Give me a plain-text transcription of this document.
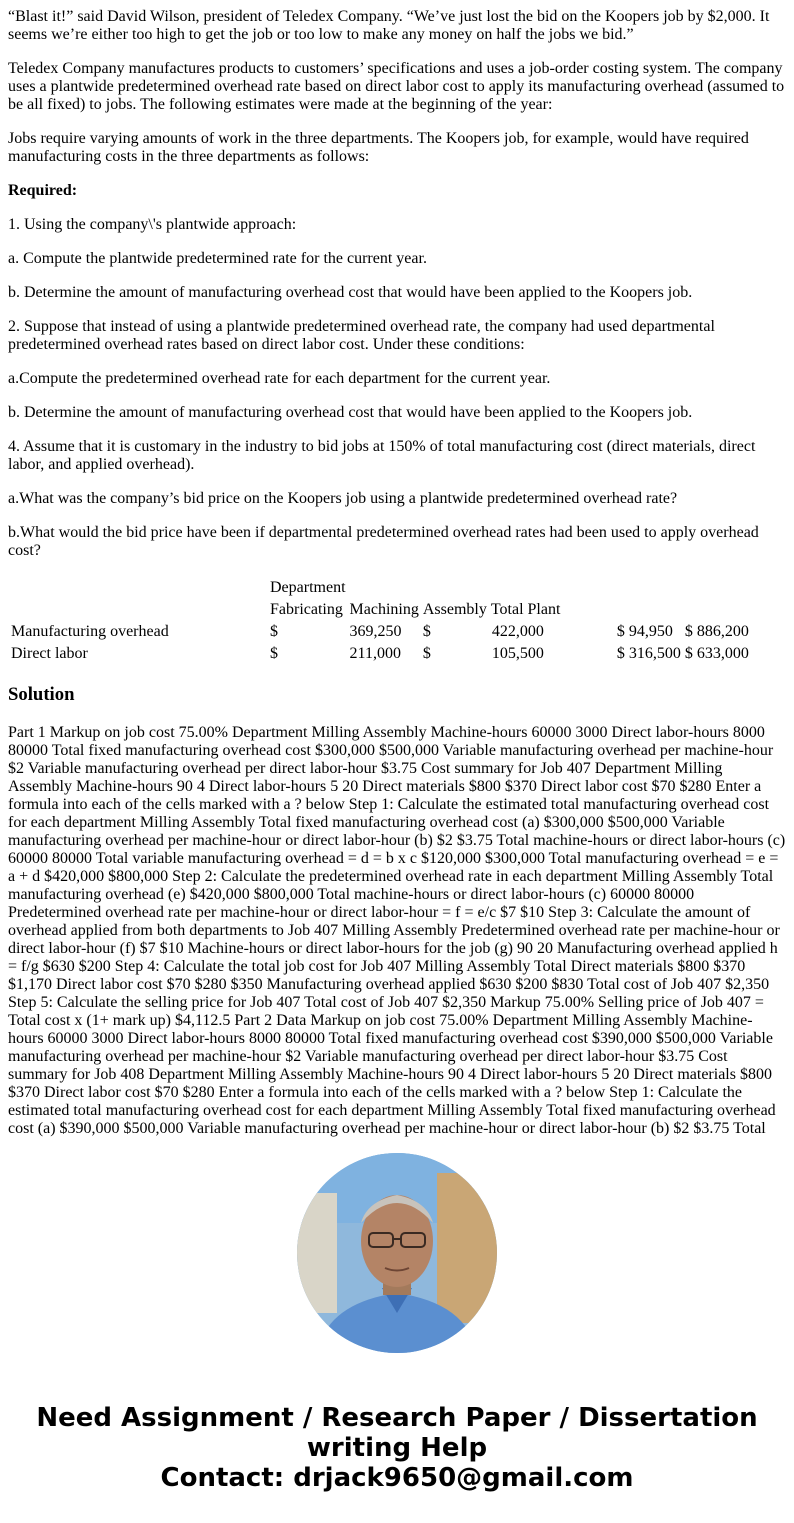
“Blast it!” said David Wilson, president of Teledex Company. “We’ve just lost the bid on the Koopers job by $2,000. It seems we’re either too high to get the job or too low to make any money on half the jobs we bid.”

Teledex Company manufactures products to customers’ specifications and uses a job-order costing system. The company uses a plantwide predetermined overhead rate based on direct labor cost to apply its manufacturing overhead (assumed to be all fixed) to jobs. The following estimates were made at the beginning of the year:

Jobs require varying amounts of work in the three departments. The Koopers job, for example, would have required manufacturing costs in the three departments as follows:

Required:

1. Using the company\'s plantwide approach:

a. Compute the plantwide predetermined rate for the current year.

b. Determine the amount of manufacturing overhead cost that would have been applied to the Koopers job.

2. Suppose that instead of using a plantwide predetermined overhead rate, the company had used departmental predetermined overhead rates based on direct labor cost. Under these conditions:

a.Compute the predetermined overhead rate for each department for the current year.

b. Determine the amount of manufacturing overhead cost that would have been applied to the Koopers job.

4. Assume that it is customary in the industry to bid jobs at 150% of total manufacturing cost (direct materials, direct labor, and applied overhead).

a.What was the company’s bid price on the Koopers job using a plantwide predetermined overhead rate?

b.What would the bid price have been if departmental predetermined overhead rates had been used to apply overhead cost?

	Department							
	Fabricating	Machining	Assembly	Total Plant				
Manufacturing overhead	$	369,250	$	422,000	$	94,950	$	886,200
Direct labor	$	211,000	$	105,500	$	316,500	$	633,000
Solution

Part 1 Markup on job cost 75.00% Department Milling Assembly Machine-hours 60000 3000 Direct labor-hours 8000 80000 Total fixed manufacturing overhead cost $300,000 $500,000 Variable manufacturing overhead per machine-hour $2 Variable manufacturing overhead per direct labor-hour $3.75 Cost summary for Job 407 Department Milling Assembly Machine-hours 90 4 Direct labor-hours 5 20 Direct materials $800 $370 Direct labor cost $70 $280 Enter a formula into each of the cells marked with a ? below Step 1: Calculate the estimated total manufacturing overhead cost for each department Milling Assembly Total fixed manufacturing overhead cost (a) $300,000 $500,000 Variable manufacturing overhead per machine-hour or direct labor-hour (b) $2 $3.75 Total machine-hours or direct labor-hours (c) 60000 80000 Total variable manufacturing overhead = d = b x c $120,000 $300,000 Total manufacturing overhead = e = a + d $420,000 $800,000 Step 2: Calculate the predetermined overhead rate in each department Milling Assembly Total manufacturing overhead (e) $420,000 $800,000 Total machine-hours or direct labor-hours (c) 60000 80000 Predetermined overhead rate per machine-hour or direct labor-hour = f = e/c $7 $10 Step 3: Calculate the amount of overhead applied from both departments to Job 407 Milling Assembly Predetermined overhead rate per machine-hour or direct labor-hour (f) $7 $10 Machine-hours or direct labor-hours for the job (g) 90 20 Manufacturing overhead applied h = f/g $630 $200 Step 4: Calculate the total job cost for Job 407 Milling Assembly Total Direct materials $800 $370 $1,170 Direct labor cost $70 $280 $350 Manufacturing overhead applied $630 $200 $830 Total cost of Job 407 $2,350 Step 5: Calculate the selling price for Job 407 Total cost of Job 407 $2,350 Markup 75.00% Selling price of Job 407 = Total cost x (1+ mark up) $4,112.5 Part 2 Data Markup on job cost 75.00% Department Milling Assembly Machine-hours 60000 3000 Direct labor-hours 8000 80000 Total fixed manufacturing overhead cost $390,000 $500,000 Variable manufacturing overhead per machine-hour $2 Variable manufacturing overhead per direct labor-hour $3.75 Cost summary for Job 408 Department Milling Assembly Machine-hours 90 4 Direct labor-hours 5 20 Direct materials $800 $370 Direct labor cost $70 $280 Enter a formula into each of the cells marked with a ? below Step 1: Calculate the estimated total manufacturing overhead cost for each department Milling Assembly Total fixed manufacturing overhead cost (a) $390,000 $500,000 Variable manufacturing overhead per machine-hour or direct labor-hour (b) $2 $3.75 Total

Need Assignment / Research Paper / Dissertation
writing Help
Contact: drjack9650@gmail.com
